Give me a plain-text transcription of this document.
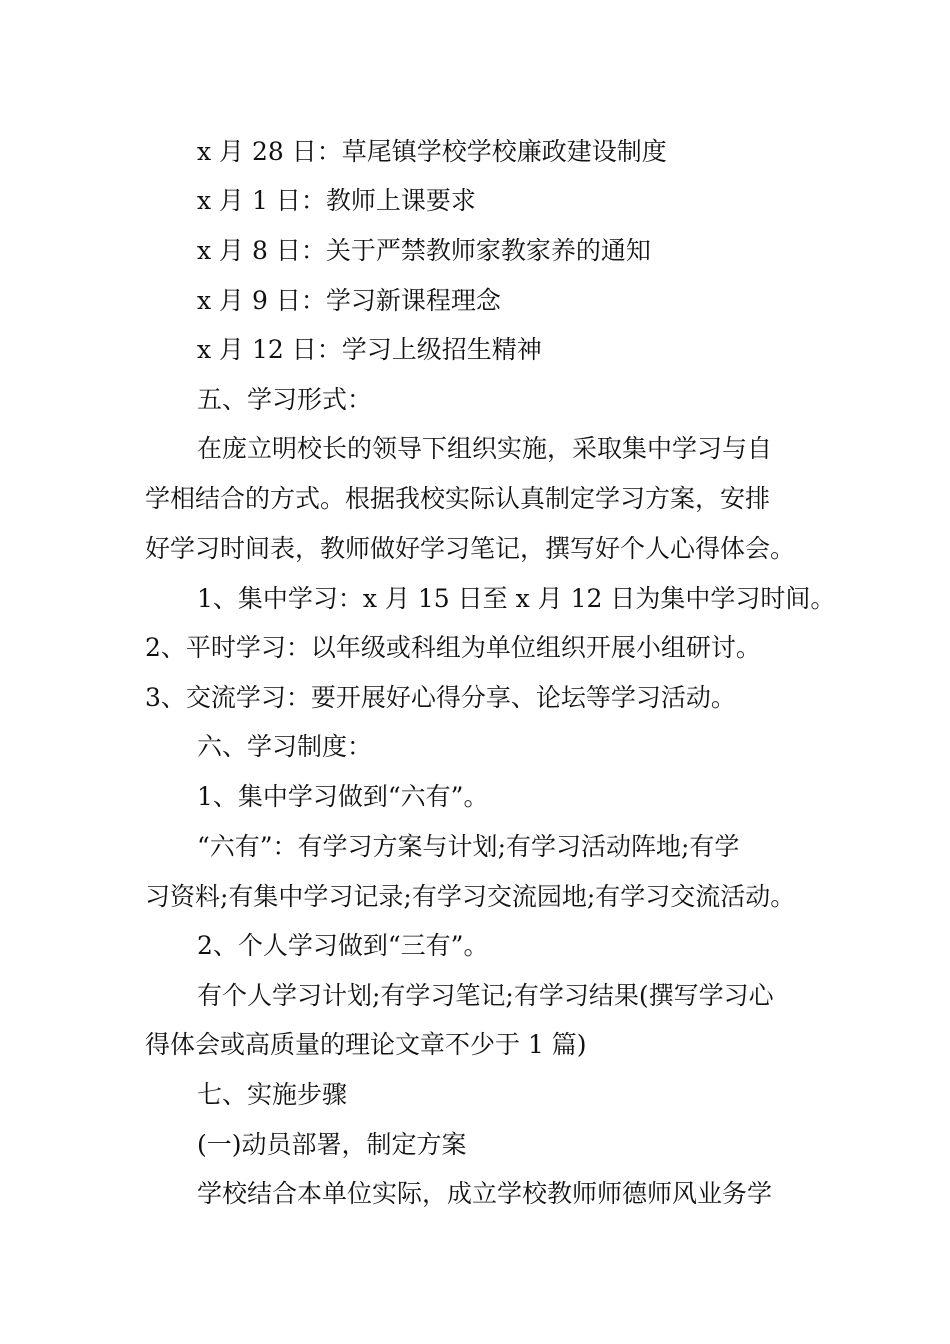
x 月 28 日：草尾镇学校学校廉政建设制度
x 月 1 日：教师上课要求
x 月 8 日：关于严禁教师家教家养的通知
x 月 9 日：学习新课程理念
x 月 12 日：学习上级招生精神
五、学习形式：
在庞立明校长的领导下组织实施，采取集中学习与自
学相结合的方式。根据我校实际认真制定学习方案，安排
好学习时间表，教师做好学习笔记，撰写好个人心得体会。
1、集中学习：x 月 15 日至 x 月 12 日为集中学习时间。
2、平时学习：以年级或科组为单位组织开展小组研讨。
3、交流学习：要开展好心得分享、论坛等学习活动。
六、学习制度：
1、集中学习做到“六有”。
“六有”：有学习方案与计划;有学习活动阵地;有学
习资料;有集中学习记录;有学习交流园地;有学习交流活动。
2、个人学习做到“三有”。
有个人学习计划;有学习笔记;有学习结果(撰写学习心
得体会或高质量的理论文章不少于 1 篇)
七、实施步骤
(一)动员部署，制定方案
学校结合本单位实际，成立学校教师师德师风业务学
